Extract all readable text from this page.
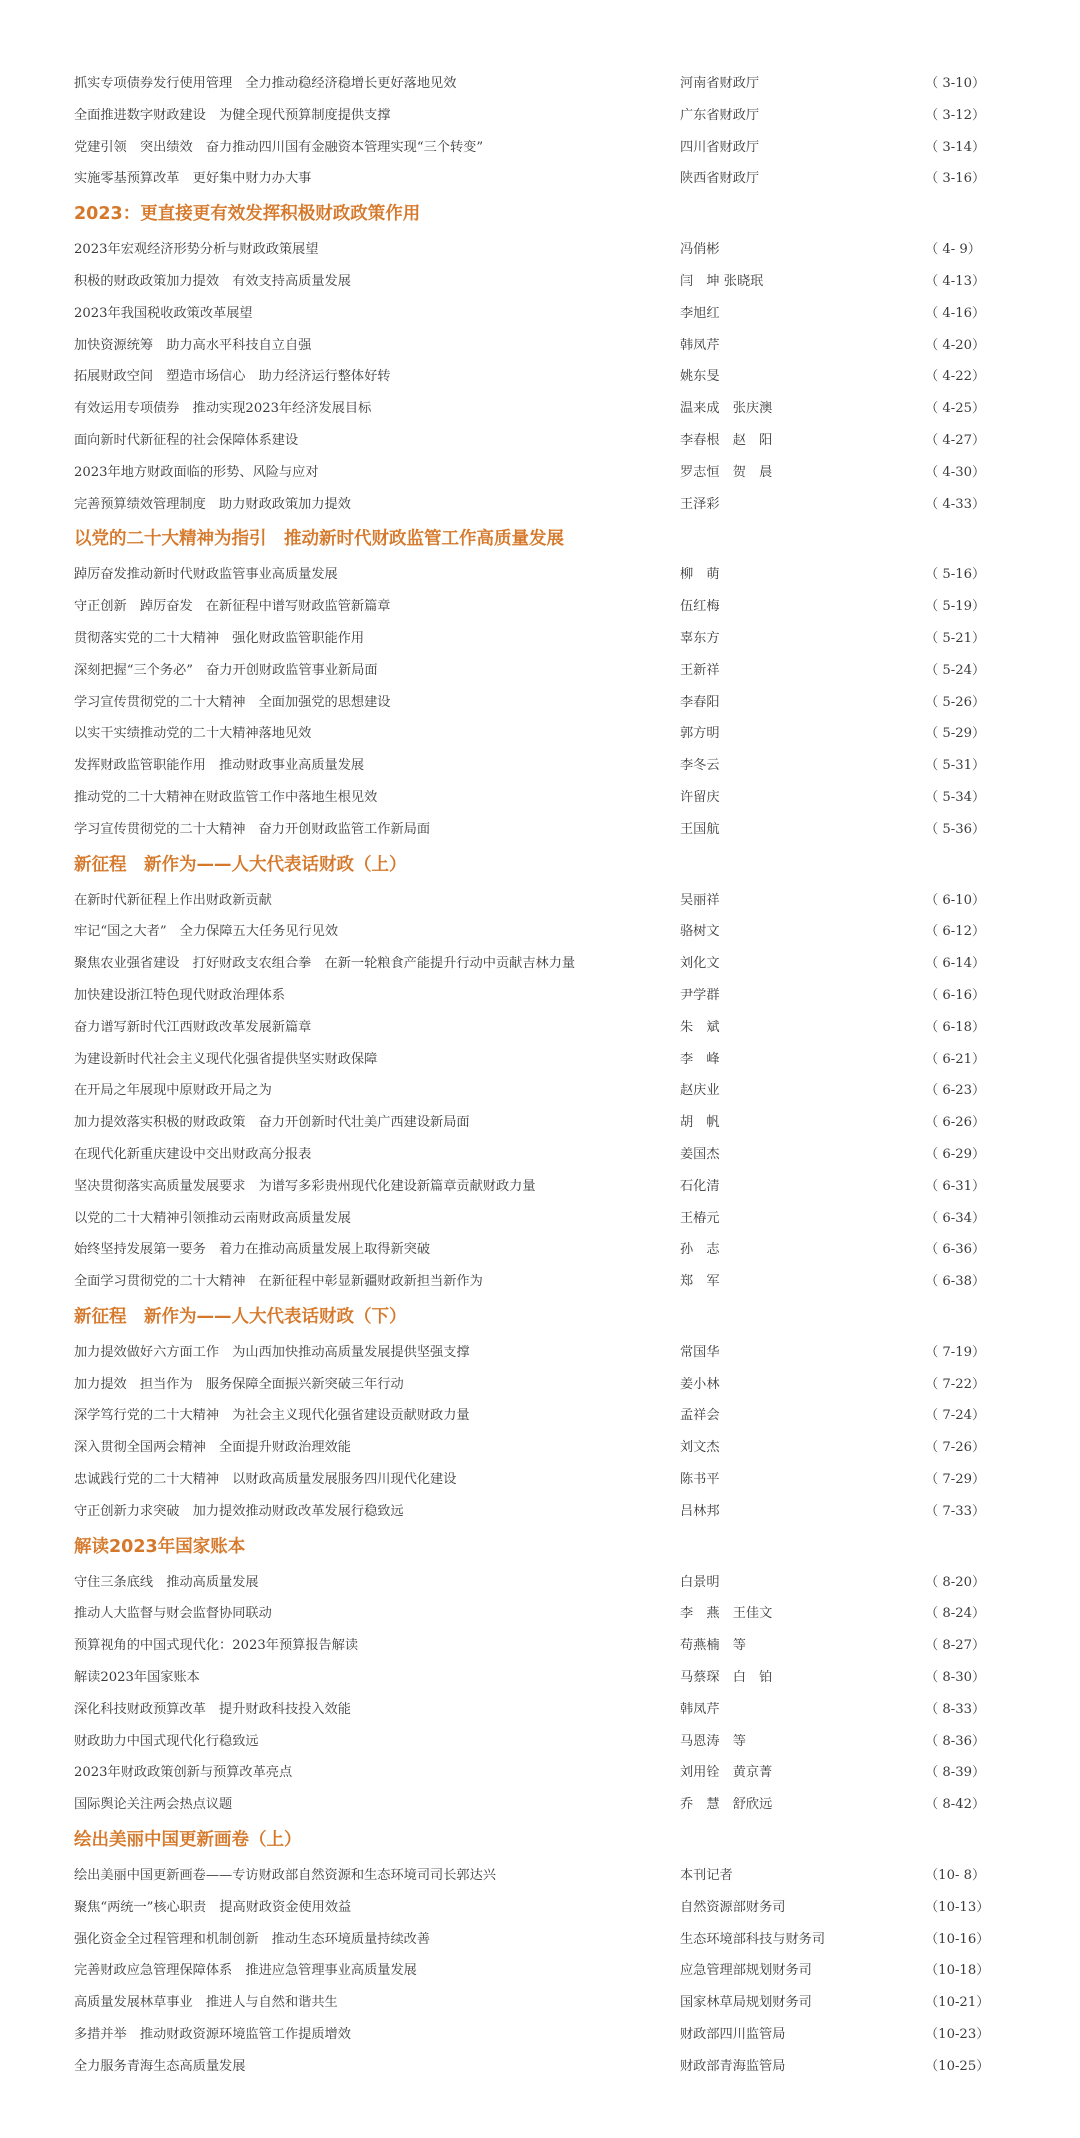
抓实专项债券发行使用管理　全力推动稳经济稳增长更好落地见效	河南省财政厅	（ 3-10）
全面推进数字财政建设　为健全现代预算制度提供支撑	广东省财政厅	（ 3-12）
党建引领　突出绩效　奋力推动四川国有金融资本管理实现“三个转变”	四川省财政厅	（ 3-14）
实施零基预算改革　更好集中财力办大事	陕西省财政厅	（ 3-16）
2023：更直接更有效发挥积极财政政策作用
2023年宏观经济形势分析与财政政策展望	冯俏彬	（ 4- 9）
积极的财政政策加力提效　有效支持高质量发展	闫　坤 张晓珉	（ 4-13）
2023年我国税收政策改革展望	李旭红	（ 4-16）
加快资源统筹　助力高水平科技自立自强	韩凤芹	（ 4-20）
拓展财政空间　塑造市场信心　助力经济运行整体好转	姚东旻	（ 4-22）
有效运用专项债券　推动实现2023年经济发展目标	温来成　张庆澳	（ 4-25）
面向新时代新征程的社会保障体系建设	李春根　赵　阳	（ 4-27）
2023年地方财政面临的形势、风险与应对	罗志恒　贺　晨	（ 4-30）
完善预算绩效管理制度　助力财政政策加力提效	王泽彩	（ 4-33）
以党的二十大精神为指引　推动新时代财政监管工作高质量发展
踔厉奋发推动新时代财政监管事业高质量发展	柳　萌	（ 5-16）
守正创新　踔厉奋发　在新征程中谱写财政监管新篇章	伍红梅	（ 5-19）
贯彻落实党的二十大精神　强化财政监管职能作用	辜东方	（ 5-21）
深刻把握“三个务必”　奋力开创财政监管事业新局面	王新祥	（ 5-24）
学习宣传贯彻党的二十大精神　全面加强党的思想建设	李春阳	（ 5-26）
以实干实绩推动党的二十大精神落地见效	郭方明	（ 5-29）
发挥财政监管职能作用　推动财政事业高质量发展	李冬云	（ 5-31）
推动党的二十大精神在财政监管工作中落地生根见效	许留庆	（ 5-34）
学习宣传贯彻党的二十大精神　奋力开创财政监管工作新局面	王国航	（ 5-36）
新征程　新作为——人大代表话财政（上）
在新时代新征程上作出财政新贡献	吴丽祥	（ 6-10）
牢记“国之大者”　全力保障五大任务见行见效	骆树文	（ 6-12）
聚焦农业强省建设　打好财政支农组合拳　在新一轮粮食产能提升行动中贡献吉林力量	刘化文	（ 6-14）
加快建设浙江特色现代财政治理体系	尹学群	（ 6-16）
奋力谱写新时代江西财政改革发展新篇章	朱　斌	（ 6-18）
为建设新时代社会主义现代化强省提供坚实财政保障	李　峰	（ 6-21）
在开局之年展现中原财政开局之为	赵庆业	（ 6-23）
加力提效落实积极的财政政策　奋力开创新时代壮美广西建设新局面	胡　帆	（ 6-26）
在现代化新重庆建设中交出财政高分报表	姜国杰	（ 6-29）
坚决贯彻落实高质量发展要求　为谱写多彩贵州现代化建设新篇章贡献财政力量	石化清	（ 6-31）
以党的二十大精神引领推动云南财政高质量发展	王椿元	（ 6-34）
始终坚持发展第一要务　着力在推动高质量发展上取得新突破	孙　志	（ 6-36）
全面学习贯彻党的二十大精神　在新征程中彰显新疆财政新担当新作为	郑　军	（ 6-38）
新征程　新作为——人大代表话财政（下）
加力提效做好六方面工作　为山西加快推动高质量发展提供坚强支撑	常国华	（ 7-19）
加力提效　担当作为　服务保障全面振兴新突破三年行动	姜小林	（ 7-22）
深学笃行党的二十大精神　为社会主义现代化强省建设贡献财政力量	孟祥会	（ 7-24）
深入贯彻全国两会精神　全面提升财政治理效能	刘文杰	（ 7-26）
忠诚践行党的二十大精神　以财政高质量发展服务四川现代化建设	陈书平	（ 7-29）
守正创新力求突破　加力提效推动财政改革发展行稳致远	吕林邦	（ 7-33）
解读2023年国家账本
守住三条底线　推动高质量发展	白景明	（ 8-20）
推动人大监督与财会监督协同联动	李　燕　王佳文	（ 8-24）
预算视角的中国式现代化：2023年预算报告解读	苟燕楠　等	（ 8-27）
解读2023年国家账本	马蔡琛　白　铂	（ 8-30）
深化科技财政预算改革　提升财政科技投入效能	韩凤芹	（ 8-33）
财政助力中国式现代化行稳致远	马恩涛　等	（ 8-36）
2023年财政政策创新与预算改革亮点	刘用铨　黄京菁	（ 8-39）
国际舆论关注两会热点议题	乔　慧　舒欣远	（ 8-42）
绘出美丽中国更新画卷（上）
绘出美丽中国更新画卷——专访财政部自然资源和生态环境司司长郭达兴	本刊记者	（10- 8）
聚焦“两统一”核心职责　提高财政资金使用效益	自然资源部财务司	（10-13）
强化资金全过程管理和机制创新　推动生态环境质量持续改善	生态环境部科技与财务司	（10-16）
完善财政应急管理保障体系　推进应急管理事业高质量发展	应急管理部规划财务司	（10-18）
高质量发展林草事业　推进人与自然和谐共生	国家林草局规划财务司	（10-21）
多措并举　推动财政资源环境监管工作提质增效	财政部四川监管局	（10-23）
全力服务青海生态高质量发展	财政部青海监管局	（10-25）
